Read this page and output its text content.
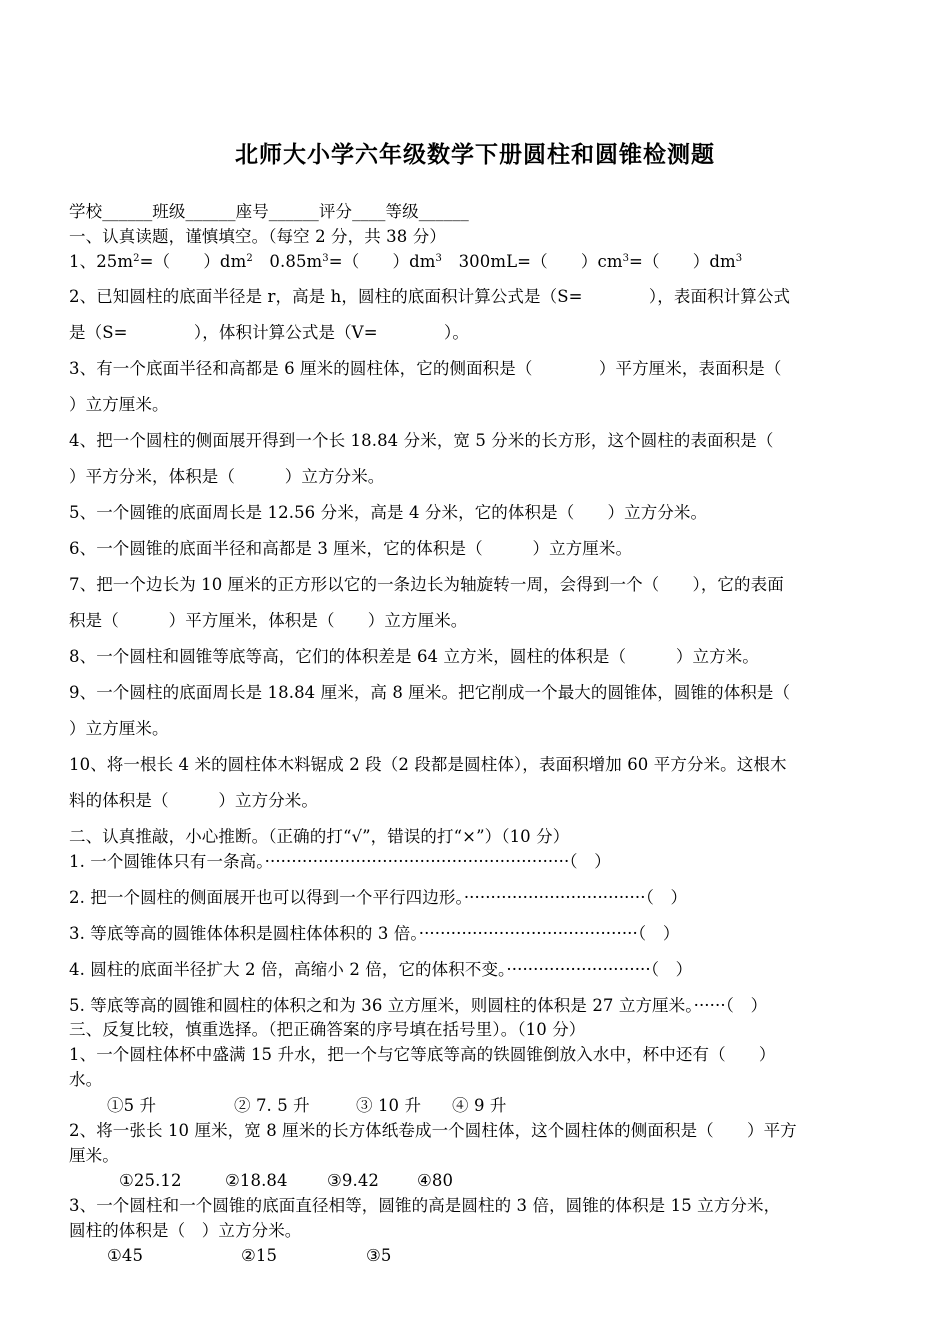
北师大小学六年级数学下册圆柱和圆锥检测题
学校______班级______座号______评分____等级______
一、认真读题，谨慎填空。（每空 2 分，共 38 分）
1、$25m^2=$（　　）$dm^2$　$0.85m^3=$（　　）$dm^3$　300mL=（　　）$cm^3=$（　　）$dm^3$
2、已知圆柱的底面半径是 r，高是 h，圆柱的底面积计算公式是（S=　　　　），表面积计算公式
是（S=　　　　），体积计算公式是（V=　　　　）。
3、有一个底面半径和高都是 6 厘米的圆柱体，它的侧面积是（　　　　）平方厘米，表面积是（
）立方厘米。
4、把一个圆柱的侧面展开得到一个长 18.84 分米，宽 5 分米的长方形，这个圆柱的表面积是（
）平方分米，体积是（　　　）立方分米。
5、一个圆锥的底面周长是 12.56 分米，高是 4 分米，它的体积是（　　）立方分米。
6、一个圆锥的底面半径和高都是 3 厘米，它的体积是（　　　）立方厘米。
7、把一个边长为 10 厘米的正方形以它的一条边长为轴旋转一周，会得到一个（　　），它的表面
积是（　　　）平方厘米，体积是（　　）立方厘米。
8、一个圆柱和圆锥等底等高，它们的体积差是 64 立方米，圆柱的体积是（　　　）立方米。
9、一个圆柱的底面周长是 18.84 厘米，高 8 厘米。把它削成一个最大的圆锥体，圆锥的体积是（
）立方厘米。
10、将一根长 4 米的圆柱体木料锯成 2 段（2 段都是圆柱体），表面积增加 60 平方分米。这根木
料的体积是（　　　）立方分米。
二、认真推敲，小心推断。（正确的打“√”，错误的打“×”）（10 分）
1. 一个圆锥体只有一条高。·························································（　）
2. 把一个圆柱的侧面展开也可以得到一个平行四边形。··································（　）
3. 等底等高的圆锥体体积是圆柱体体积的 3 倍。·········································（　）
4. 圆柱的底面半径扩大 2 倍，高缩小 2 倍，它的体积不变。···························（　）
5. 等底等高的圆锥和圆柱的体积之和为 36 立方厘米，则圆柱的体积是 27 立方厘米。······（　）
三、反复比较，慎重选择。（把正确答案的序号填在括号里）。（10 分）
1、一个圆柱体杯中盛满 15 升水，把一个与它等底等高的铁圆锥倒放入水中，杯中还有（　　）
水。
①5 升	② 7. 5 升	③ 10 升 ④ 9 升
2、将一张长 10 厘米，宽 8 厘米的长方体纸卷成一个圆柱体，这个圆柱体的侧面积是（　　）平方
厘米。
①25.12	②18.84 ③9.42 ④80
3、一个圆柱和一个圆锥的底面直径相等，圆锥的高是圆柱的 3 倍，圆锥的体积是 15 立方分米，
圆柱的体积是（　）立方分米。
①45	②15	③5
